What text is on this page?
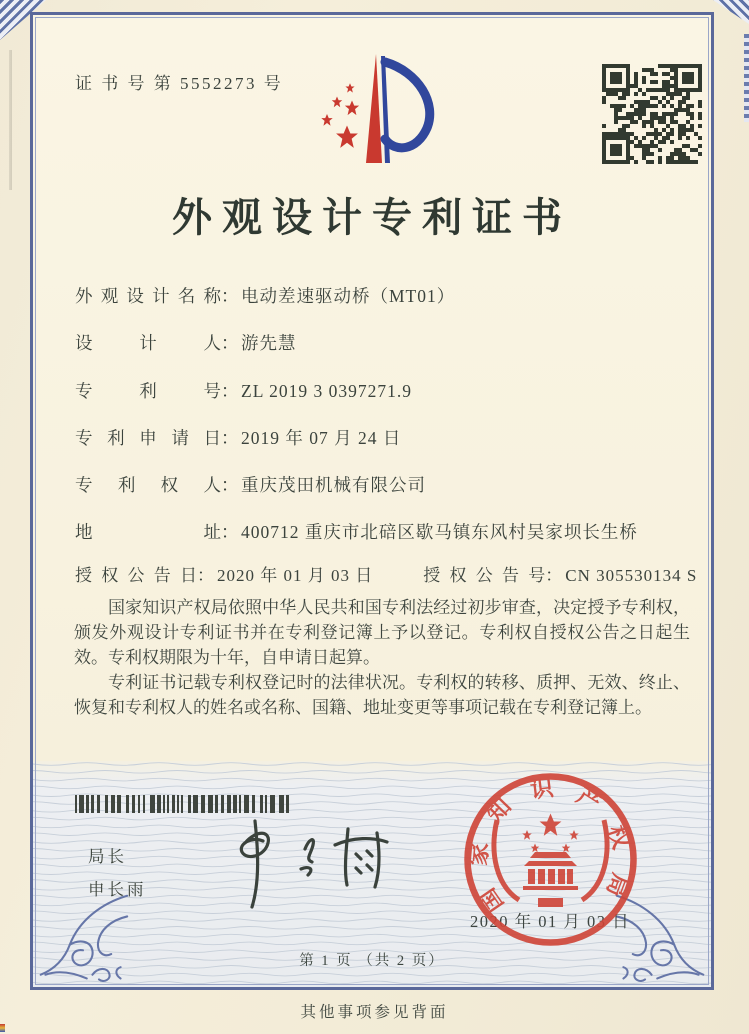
证 书 号 第 5552273 号
外观设计专利证书
外观设计名称： 电动差速驱动桥（MT01）
设计人： 游先慧
专利号： ZL 2019 3 0397271.9
专利申请日： 2019 年 07 月 24 日
专利权人： 重庆茂田机械有限公司
地址： 400712 重庆市北碚区歇马镇东风村吴家坝长生桥
授权公告日： 2020 年 01 月 03 日	授权公告号： CN 305530134 S

国家知识产权局依照中华人民共和国专利法经过初步审查，决定授予专利权，颁发外观设计专利证书并在专利登记簿上予以登记。专利权自授权公告之日起生效。专利权期限为十年，自申请日起算。

专利证书记载专利权登记时的法律状况。专利权的转移、质押、无效、终止、恢复和专利权人的姓名或名称、国籍、地址变更等事项记载在专利登记簿上。

局长
申长雨
2020 年 01 月 03 日
国家知识产权局
第 1 页 （共 2 页）
其他事项参见背面
